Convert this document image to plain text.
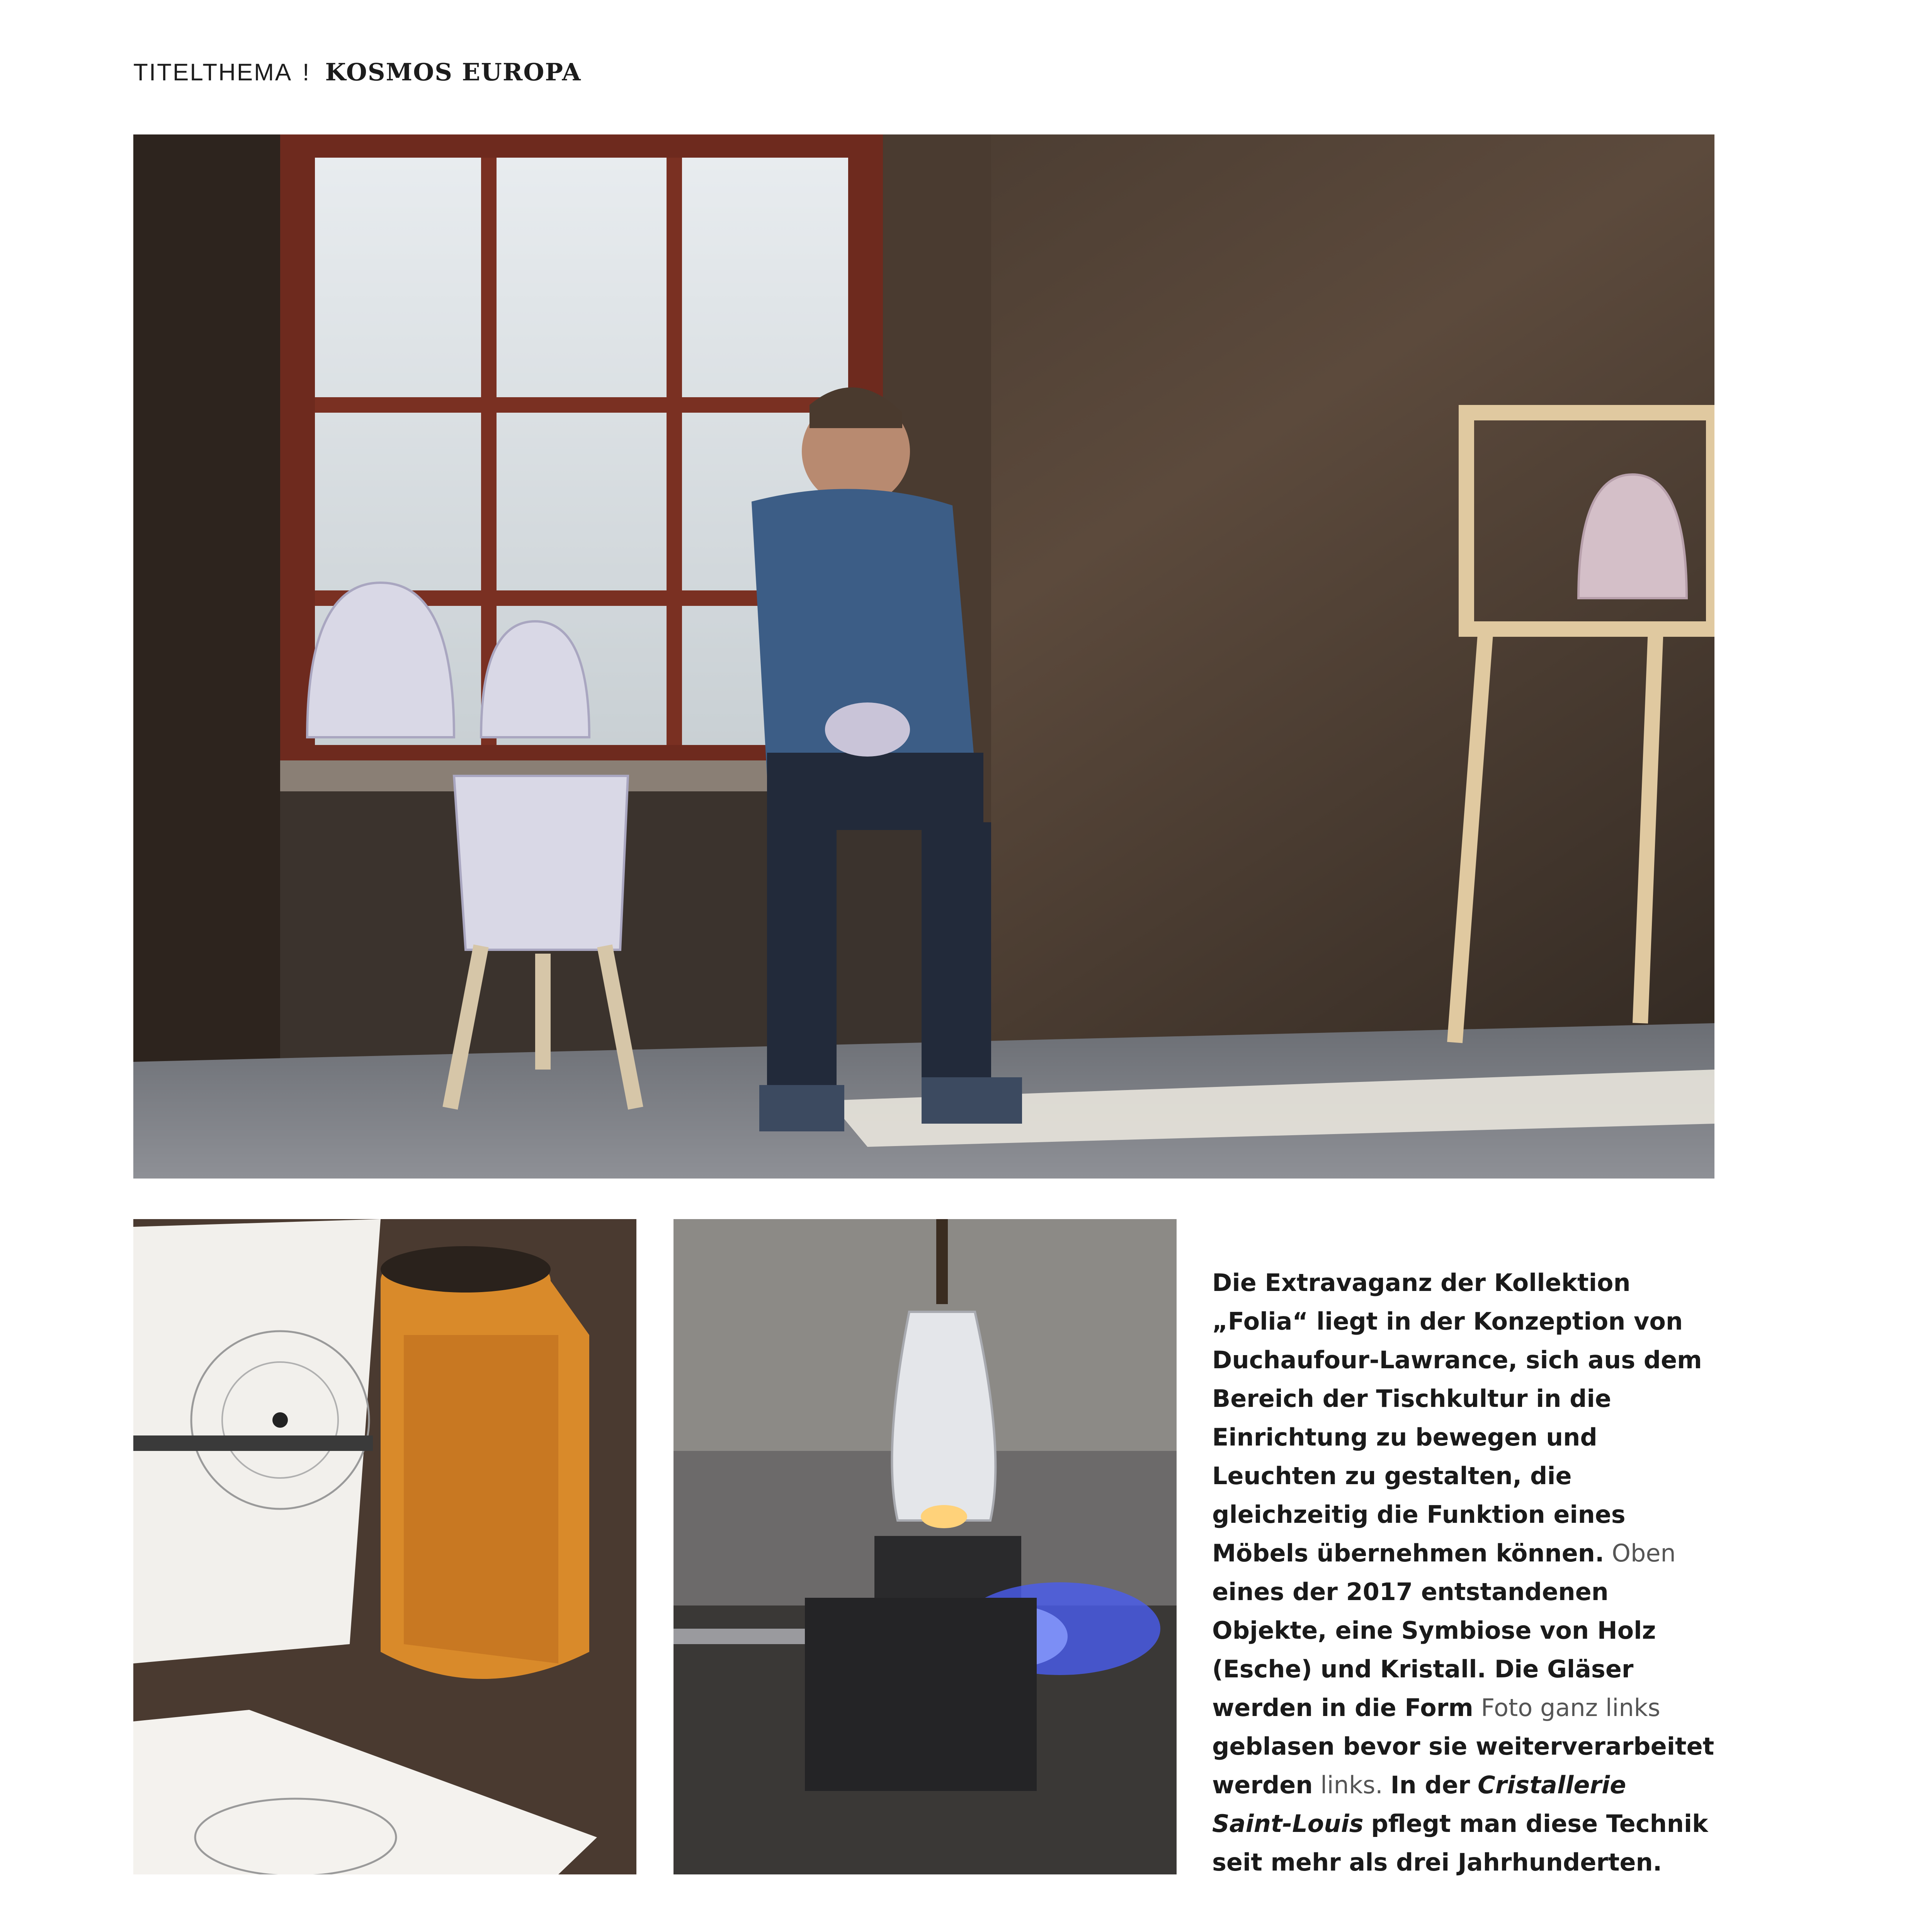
TITELTHEMA ! KOSMOS EUROPA
Die Extravaganz der Kollektion „Folia“ liegt in der Konzeption von Duchaufour-Lawrance, sich aus dem Bereich der Tischkultur in die Einrichtung zu bewegen und Leuchten zu gestalten, die gleichzeitig die Funktion eines Möbels übernehmen können. Oben eines der 2017 entstandenen Objekte, eine Symbiose von Holz (Esche) und Kristall. Die Gläser werden in die Form Foto ganz links geblasen bevor sie weiterverarbeitet werden links. In der Cristallerie Saint-Louis pflegt man diese Technik seit mehr als drei Jahrhunderten.
